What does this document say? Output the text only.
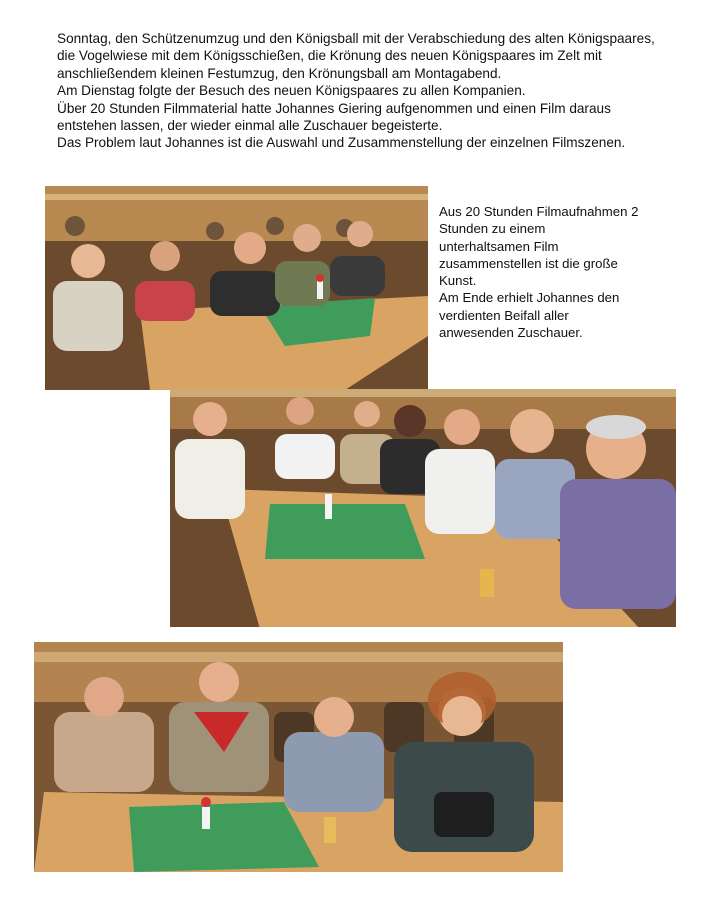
Sonntag, den Schützenumzug und den Königsball mit der Verabschiedung des alten Königspaares, die Vogelwiese mit dem Königsschießen, die Krönung des neuen Königspaares im Zelt mit anschließendem kleinen Festumzug, den Krönungsball am Montagabend.

Am Dienstag folgte der Besuch des neuen Königspaares zu allen Kompanien.

Über 20 Stunden Filmmaterial hatte Johannes Giering aufgenommen und einen Film daraus entstehen lassen, der wieder einmal alle Zuschauer begeisterte.

Das Problem laut Johannes ist die Auswahl und Zusammenstellung der einzelnen Filmszenen.

Aus 20 Stunden Filmaufnahmen 2 Stunden zu einem unterhaltsamen Film zusammenstellen ist die große Kunst.

Am Ende erhielt Johannes den verdienten Beifall aller anwesenden Zuschauer.
